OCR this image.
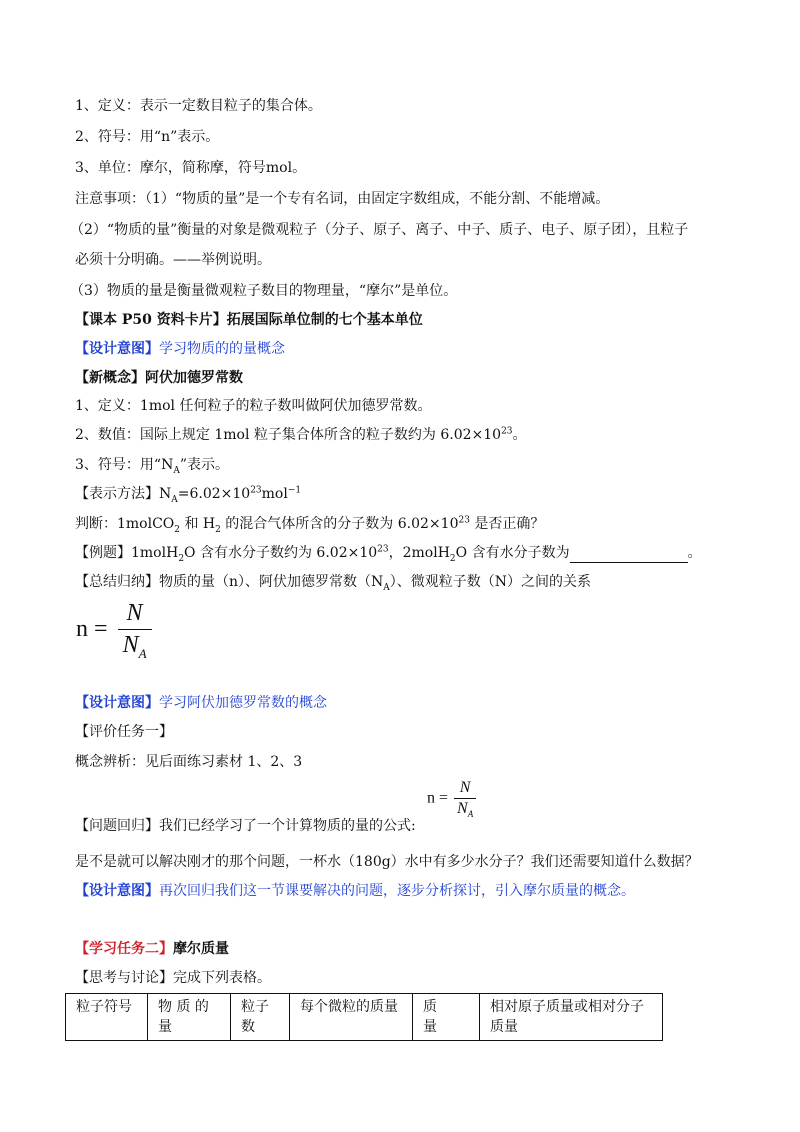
1、定义：表示一定数目粒子的集合体。
2、符号：用“n”表示。
3、单位：摩尔，简称摩，符号mol。
注意事项：（1）“物质的量”是一个专有名词，由固定字数组成，不能分割、不能增减。
（2）“物质的量”衡量的对象是微观粒子（分子、原子、离子、中子、质子、电子、原子团），且粒子
必须十分明确。——举例说明。
（3）物质的量是衡量微观粒子数目的物理量，“摩尔”是单位。
【课本 P50 资料卡片】拓展国际单位制的七个基本单位
【设计意图】学习物质的的量概念
【新概念】阿伏加德罗常数
1、定义：1mol 任何粒子的粒子数叫做阿伏加德罗常数。
2、数值：国际上规定 1mol 粒子集合体所含的粒子数约为 $6.02\times 10^{23}$。
3、符号：用“$N_A$”表示。
【表示方法】$N_A=6.02\times 10^{23}mol^{-1}$
判断：1molCO$_2$ 和 $H_2$ 的混合气体所含的分子数为 $6.02\times 10^{23}$ 是否正确？
【例题】1molH$_2$O 含有水分子数约为 $6.02\times 10^{23}$，2molH$_2$O 含有水分子数为	。
【总结归纳】物质的量（n）、阿伏加德罗常数$(N_A)$、微观粒子数（N）之间的关系
$n = \frac{N}{N_A}$
【设计意图】学习阿伏加德罗常数的概念
【评价任务一】
概念辨析：见后面练习素材 1、2、3
$n = \frac{N}{N_A}$
【问题回归】我们已经学习了一个计算物质的量的公式:
是不是就可以解决刚才的那个问题，一杯水（180g）水中有多少水分子？我们还需要知道什么数据？
【设计意图】再次回归我们这一节课要解决的问题，逐步分析探讨，引入摩尔质量的概念。
【学习任务二】摩尔质量
【思考与讨论】完成下列表格。
粒子符号	物 质 的 量	粒子数	每个微粒的质量	质　　量	相对原子质量或相对分子质量
